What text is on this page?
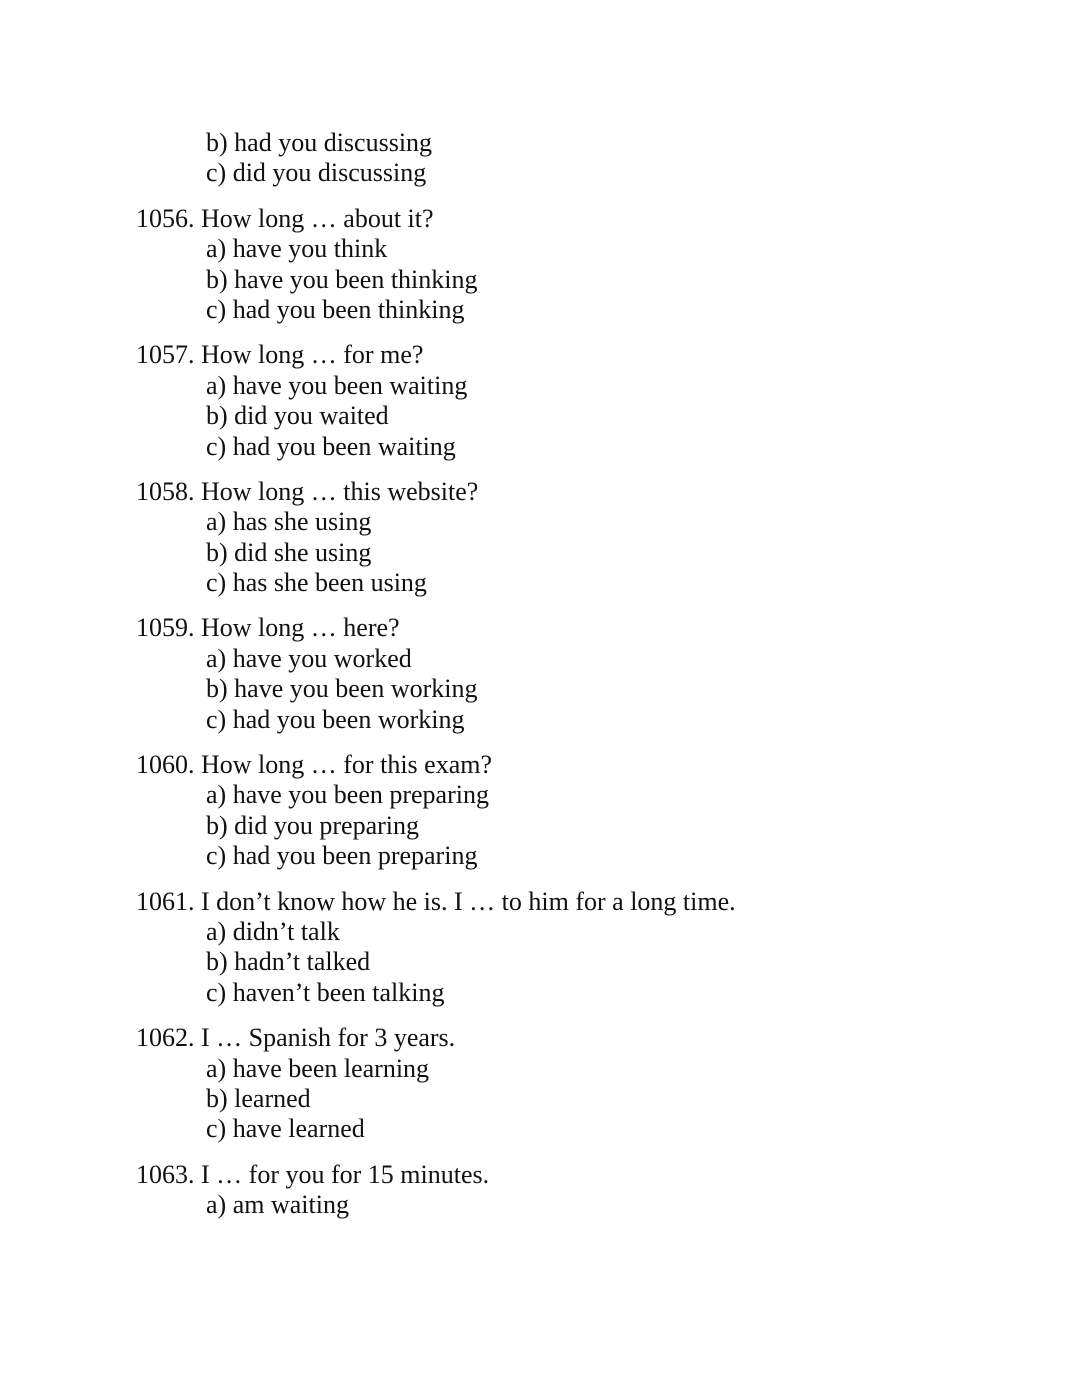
b) had you discussing
c) did you discussing
1056. How long … about it?
a) have you think
b) have you been thinking
c) had you been thinking
1057. How long … for me?
a) have you been waiting
b) did you waited
c) had you been waiting
1058. How long … this website?
a) has she using
b) did she using
c) has she been using
1059. How long … here?
a) have you worked
b) have you been working
c) had you been working
1060. How long … for this exam?
a) have you been preparing
b) did you preparing
c) had you been preparing
1061. I don’t know how he is. I … to him for a long time.
a) didn’t talk
b) hadn’t talked
c) haven’t been talking
1062. I … Spanish for 3 years.
a) have been learning
b) learned
c) have learned
1063. I … for you for 15 minutes.
a) am waiting
